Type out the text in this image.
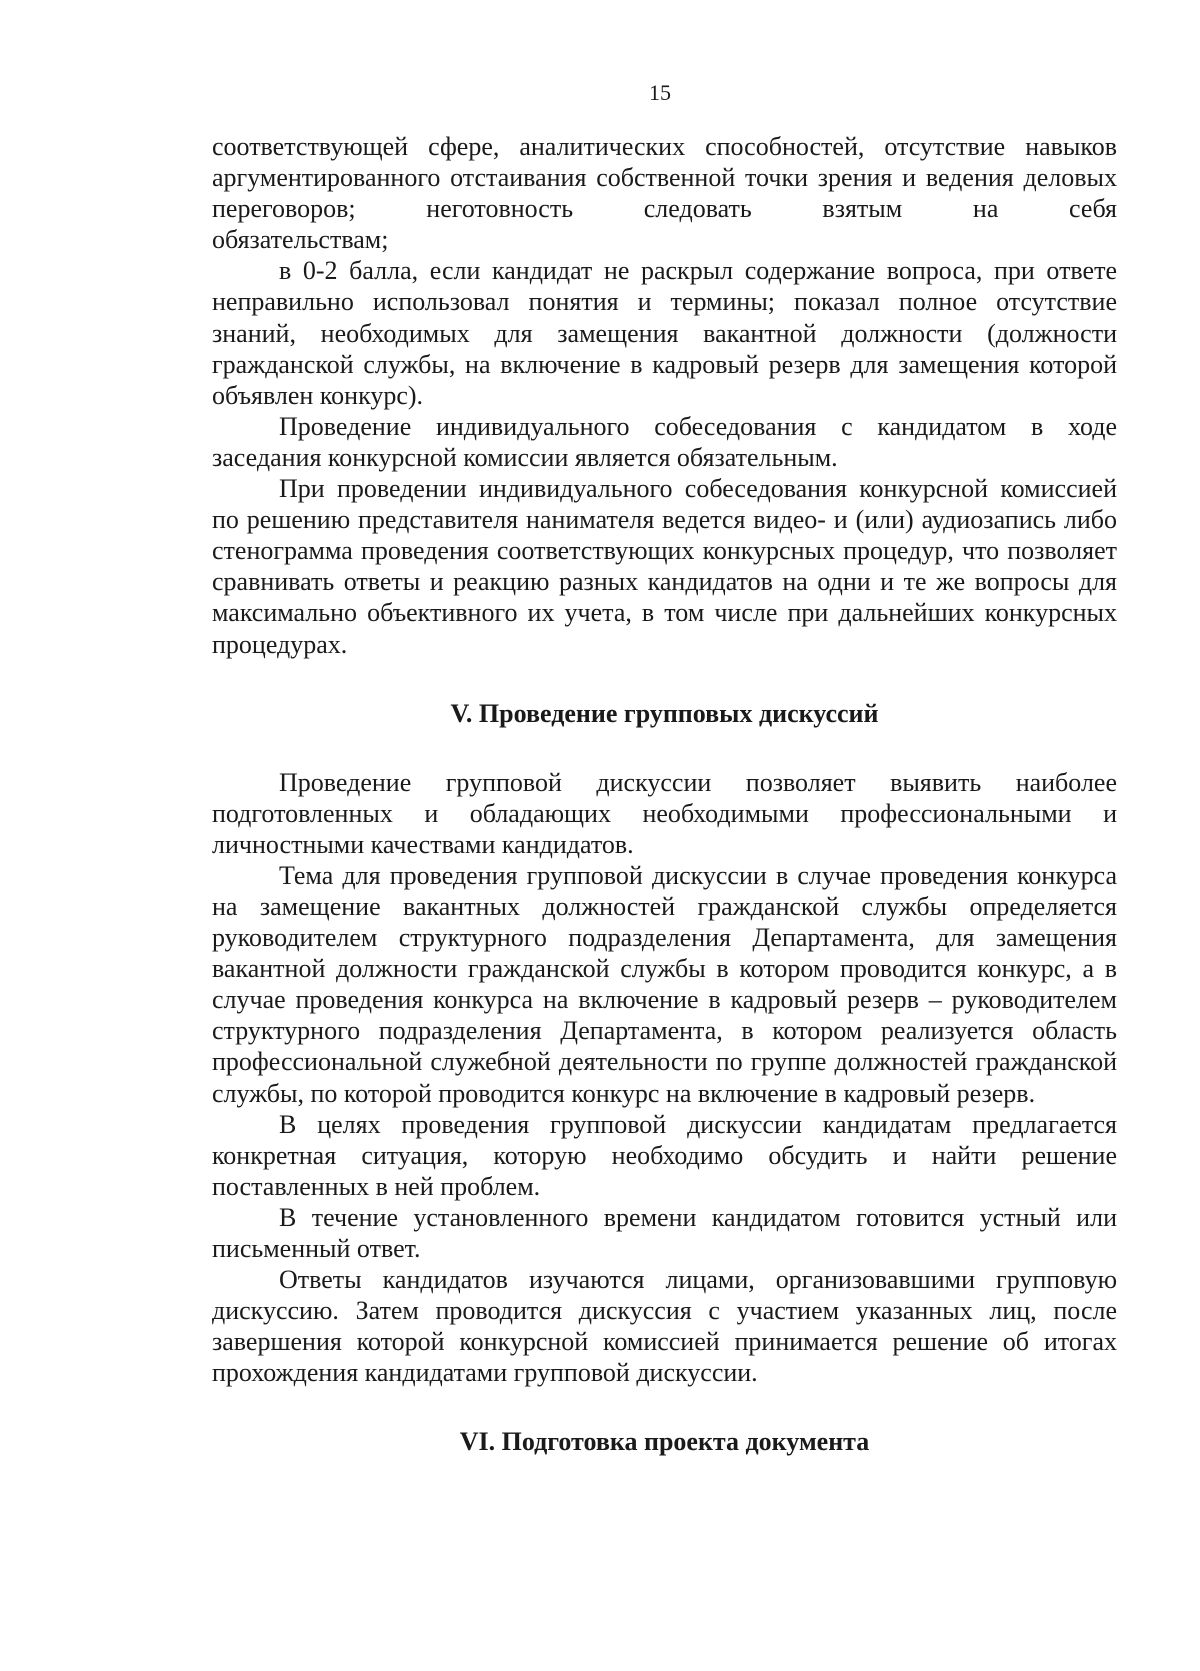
15

соответствующей сфере, аналитических способностей, отсутствие навыков аргументированного отстаивания собственной точки зрения и ведения деловых переговоров; неготовность следовать взятым на себя

обязательствам;

в 0-2 балла, если кандидат не раскрыл содержание вопроса, при ответе неправильно использовал понятия и термины; показал полное отсутствие знаний, необходимых для замещения вакантной должности (должности гражданской службы, на включение в кадровый резерв для замещения которой объявлен конкурс).

Проведение индивидуального собеседования с кандидатом в ходе заседания конкурсной комиссии является обязательным.

При проведении индивидуального собеседования конкурсной комиссией по решению представителя нанимателя ведется видео- и (или) аудиозапись либо стенограмма проведения соответствующих конкурсных процедур, что позволяет сравнивать ответы и реакцию разных кандидатов на одни и те же вопросы для максимально объективного их учета, в том числе при дальнейших конкурсных процедурах.

V. Проведение групповых дискуссий

Проведение групповой дискуссии позволяет выявить наиболее подготовленных и обладающих необходимыми профессиональными и личностными качествами кандидатов.

Тема для проведения групповой дискуссии в случае проведения конкурса на замещение вакантных должностей гражданской службы определяется руководителем структурного подразделения Департамента, для замещения вакантной должности гражданской службы в котором проводится конкурс, а в случае проведения конкурса на включение в кадровый резерв – руководителем структурного подразделения Департамента, в котором реализуется область профессиональной служебной деятельности по группе должностей гражданской службы, по которой проводится конкурс на включение в кадровый резерв.

В целях проведения групповой дискуссии кандидатам предлагается конкретная ситуация, которую необходимо обсудить и найти решение поставленных в ней проблем.

В течение установленного времени кандидатом готовится устный или письменный ответ.

Ответы кандидатов изучаются лицами, организовавшими групповую дискуссию. Затем проводится дискуссия с участием указанных лиц, после завершения которой конкурсной комиссией принимается решение об итогах прохождения кандидатами групповой дискуссии.

VI. Подготовка проекта документа
